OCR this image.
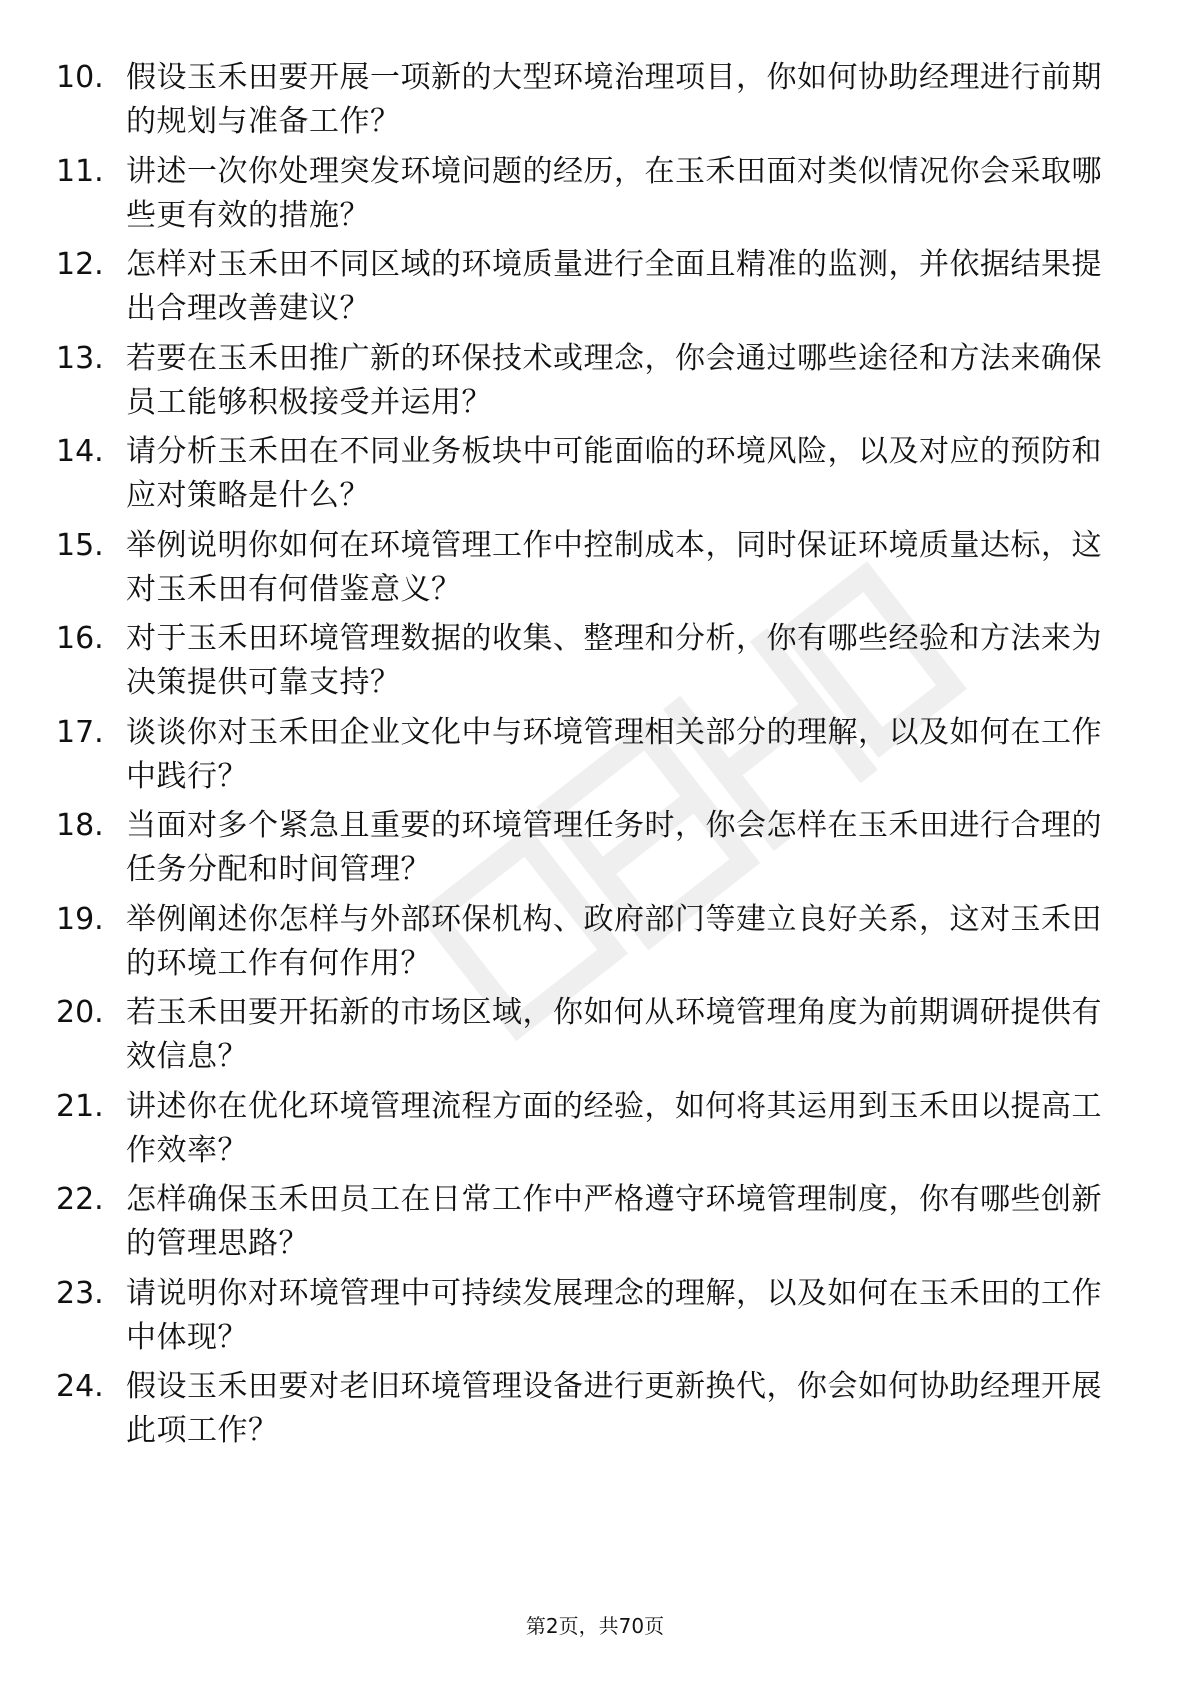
10. 假设玉禾田要开展一项新的大型环境治理项目，你如何协助经理进行前期的规划与准备工作？
11. 讲述一次你处理突发环境问题的经历，在玉禾田面对类似情况你会采取哪些更有效的措施？
12. 怎样对玉禾田不同区域的环境质量进行全面且精准的监测，并依据结果提出合理改善建议？
13. 若要在玉禾田推广新的环保技术或理念，你会通过哪些途径和方法来确保员工能够积极接受并运用？
14. 请分析玉禾田在不同业务板块中可能面临的环境风险，以及对应的预防和应对策略是什么？
15. 举例说明你如何在环境管理工作中控制成本，同时保证环境质量达标，这对玉禾田有何借鉴意义？
16. 对于玉禾田环境管理数据的收集、整理和分析，你有哪些经验和方法来为决策提供可靠支持？
17. 谈谈你对玉禾田企业文化中与环境管理相关部分的理解，以及如何在工作中践行？
18. 当面对多个紧急且重要的环境管理任务时，你会怎样在玉禾田进行合理的任务分配和时间管理？
19. 举例阐述你怎样与外部环保机构、政府部门等建立良好关系，这对玉禾田的环境工作有何作用？
20. 若玉禾田要开拓新的市场区域，你如何从环境管理角度为前期调研提供有效信息？
21. 讲述你在优化环境管理流程方面的经验，如何将其运用到玉禾田以提高工作效率？
22. 怎样确保玉禾田员工在日常工作中严格遵守环境管理制度，你有哪些创新的管理思路？
23. 请说明你对环境管理中可持续发展理念的理解，以及如何在玉禾田的工作中体现？
24. 假设玉禾田要对老旧环境管理设备进行更新换代，你会如何协助经理开展此项工作？
第2页，共70页
